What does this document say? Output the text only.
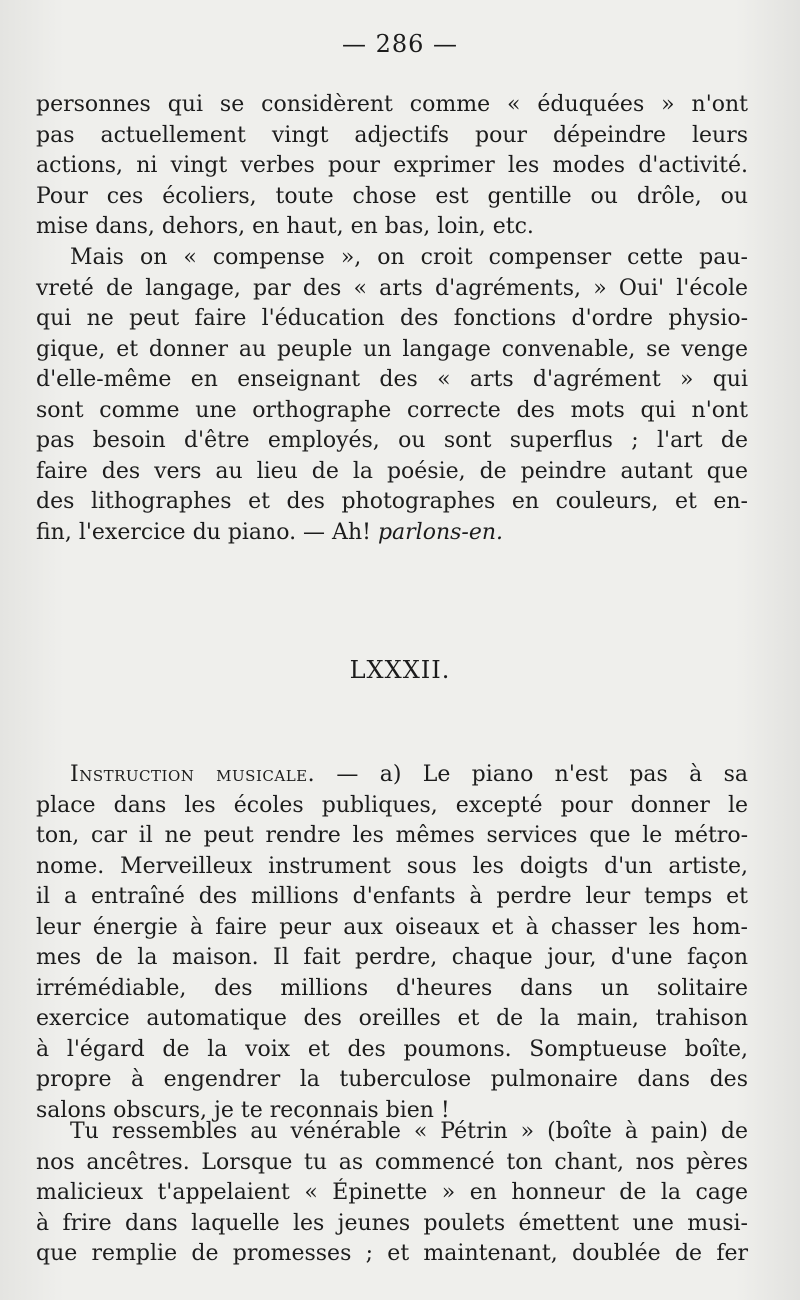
— 286 —
personnes qui se considèrent comme « éduquées » n'ont
pas actuellement vingt adjectifs pour dépeindre leurs
actions, ni vingt verbes pour exprimer les modes d'activité.
Pour ces écoliers, toute chose est gentille ou drôle, ou
mise dans, dehors, en haut, en bas, loin, etc.
Mais on « compense », on croit compenser cette pau-
vreté de langage, par des « arts d'agréments, » Oui' l'école
qui ne peut faire l'éducation des fonctions d'ordre physio-
gique, et donner au peuple un langage convenable, se venge
d'elle-même en enseignant des « arts d'agrément » qui
sont comme une orthographe correcte des mots qui n'ont
pas besoin d'être employés, ou sont superflus ; l'art de
faire des vers au lieu de la poésie, de peindre autant que
des lithographes et des photographes en couleurs, et en-
fin, l'exercice du piano. — Ah! parlons-en.
LXXXII.
Instruction musicale. — a) Le piano n'est pas à sa
place dans les écoles publiques, excepté pour donner le
ton, car il ne peut rendre les mêmes services que le métro-
nome. Merveilleux instrument sous les doigts d'un artiste,
il a entraîné des millions d'enfants à perdre leur temps et
leur énergie à faire peur aux oiseaux et à chasser les hom-
mes de la maison. Il fait perdre, chaque jour, d'une façon
irrémédiable, des millions d'heures dans un solitaire
exercice automatique des oreilles et de la main, trahison
à l'égard de la voix et des poumons. Somptueuse boîte,
propre à engendrer la tuberculose pulmonaire dans des
salons obscurs, je te reconnais bien !
Tu ressembles au vénérable « Pétrin » (boîte à pain) de
nos ancêtres. Lorsque tu as commencé ton chant, nos pères
malicieux t'appelaient « Épinette » en honneur de la cage
à frire dans laquelle les jeunes poulets émettent une musi-
que remplie de promesses ; et maintenant, doublée de fer
